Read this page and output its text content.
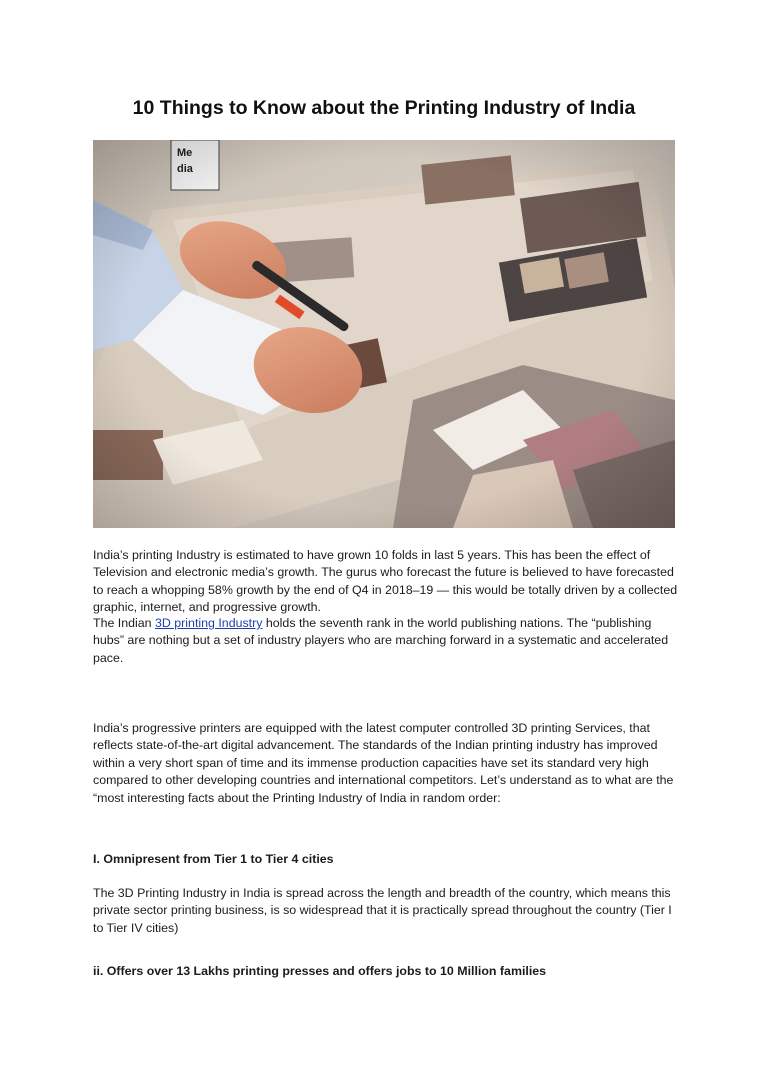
10 Things to Know about the Printing Industry of India
India’s printing Industry is estimated to have grown 10 folds in last 5 years. This has been the effect of Television and electronic media’s growth. The gurus who forecast the future is believed to have forecasted to reach a whopping 58% growth by the end of Q4 in 2018–19 — this would be totally driven by a collected graphic, internet, and progressive growth.
The Indian 3D printing Industry holds the seventh rank in the world publishing nations. The “publishing hubs” are nothing but a set of industry players who are marching forward in a systematic and accelerated pace.
India’s progressive printers are equipped with the latest computer controlled 3D printing Services, that reflects state-of-the-art digital advancement. The standards of the Indian printing industry has improved within a very short span of time and its immense production capacities have set its standard very high compared to other developing countries and international competitors. Let’s understand as to what are the “most interesting facts about the Printing Industry of India in random order:
I. Omnipresent from Tier 1 to Tier 4 cities
The 3D Printing Industry in India is spread across the length and breadth of the country, which means this private sector printing business, is so widespread that it is practically spread throughout the country (Tier I to Tier IV cities)
ii. Offers over 13 Lakhs printing presses and offers jobs to 10 Million families
